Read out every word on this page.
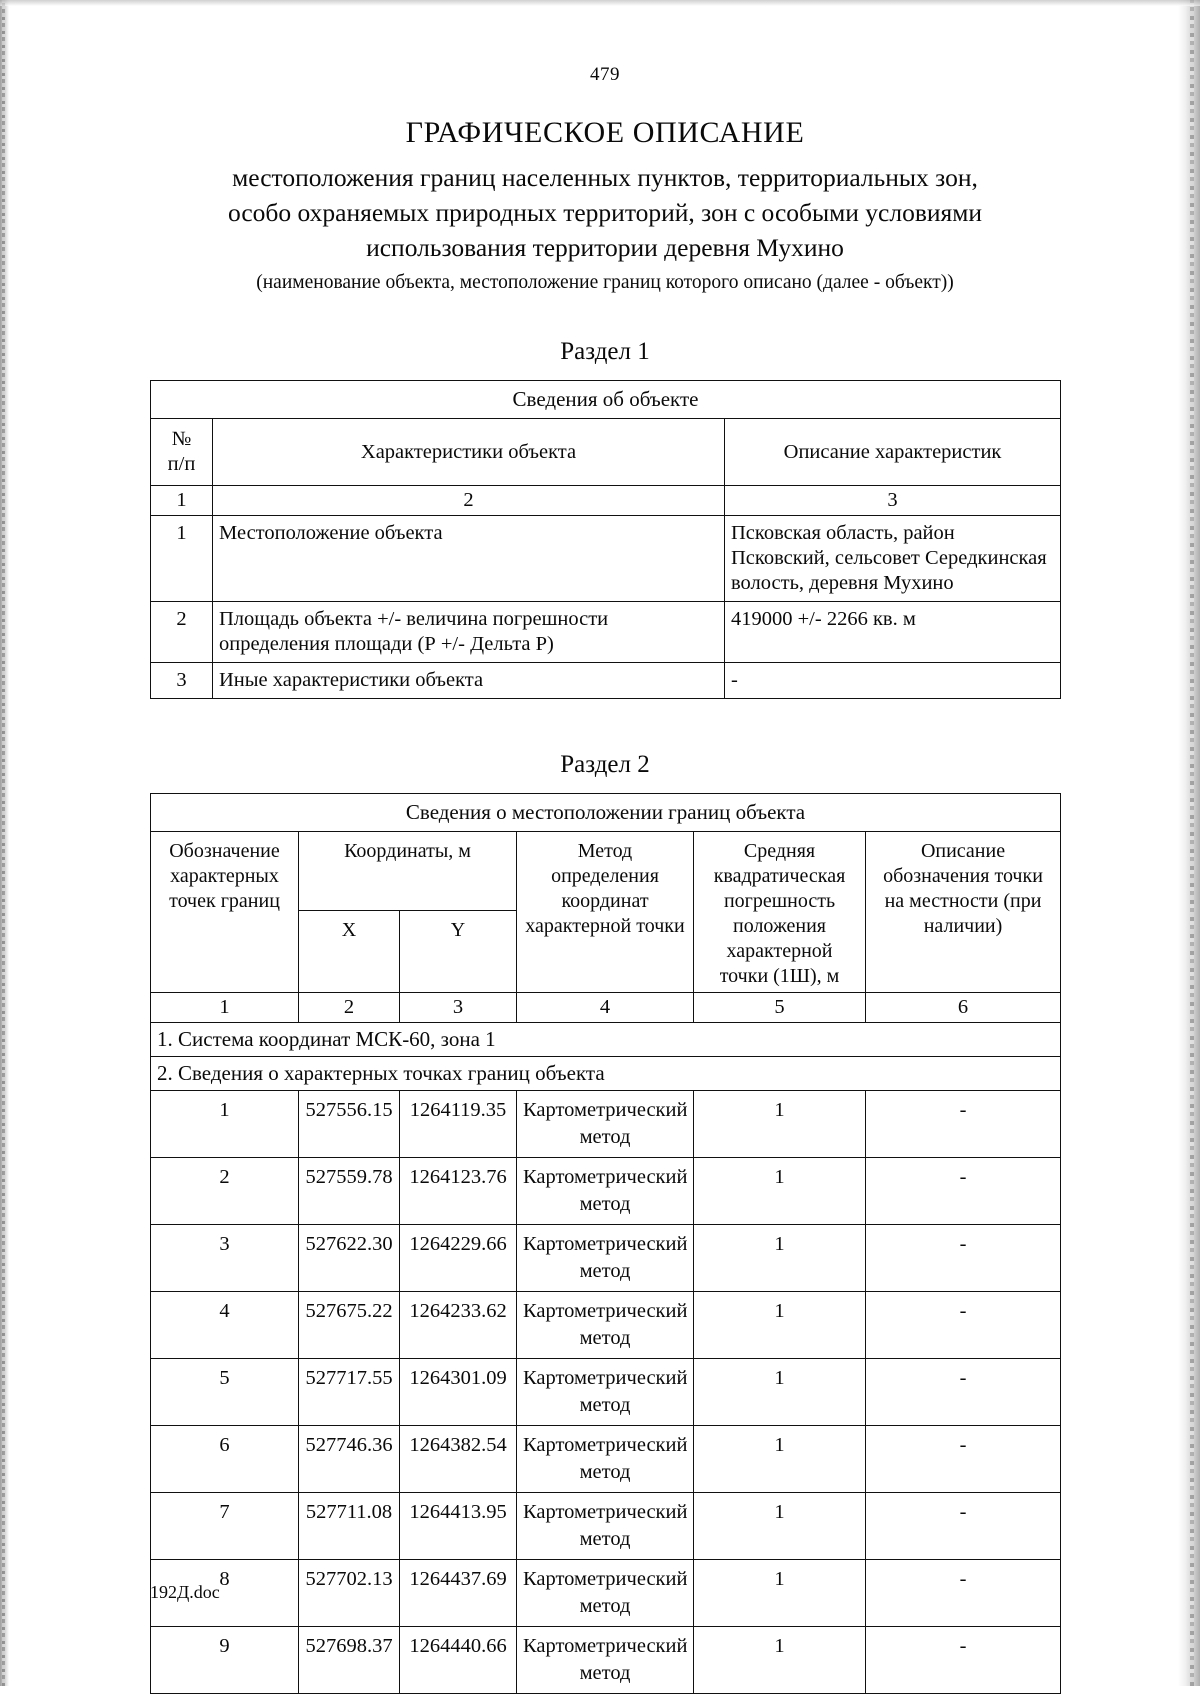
479
ГРАФИЧЕСКОЕ ОПИСАНИЕ
местоположения границ населенных пунктов, территориальных зон,
особо охраняемых природных территорий, зон с особыми условиями
использования территории деревня Мухино
(наименование объекта, местоположение границ которого описано (далее - объект))
Раздел 1
Сведения об объекте		

№
п/п	Характеристики объекта	Описание характеристик
1	2	3
1	Местоположение объекта	Псковская область, район Псковский, сельсовет Середкинская волость, деревня Мухино
2	Площадь объекта +/- величина погрешности определения площади (Р +/- Дельта Р)	419000 +/- 2266 кв. м
3	Иные характеристики объекта	-
Раздел 2
Сведения о местоположении границ объекта					
Обозначение характерных точек границ	Координаты, м		Метод определения координат характерной точки	Средняя квадратическая погрешность положения характерной точки (1Ш), м	Описание обозначения точки на местности (при наличии)
	X	Y			
1	2	3	4	5	6
1. Система координат МСК-60, зона 1					
2. Сведения о характерных точках границ объекта					
1	527556.15	1264119.35	Картометрический метод	1	-
2	527559.78	1264123.76	Картометрический метод	1	-
3	527622.30	1264229.66	Картометрический метод	1	-
4	527675.22	1264233.62	Картометрический метод	1	-
5	527717.55	1264301.09	Картометрический метод	1	-
6	527746.36	1264382.54	Картометрический метод	1	-
7	527711.08	1264413.95	Картометрический метод	1	-
8	527702.13	1264437.69	Картометрический метод	1	-
9	527698.37	1264440.66	Картометрический метод	1	-
192Д.doc
